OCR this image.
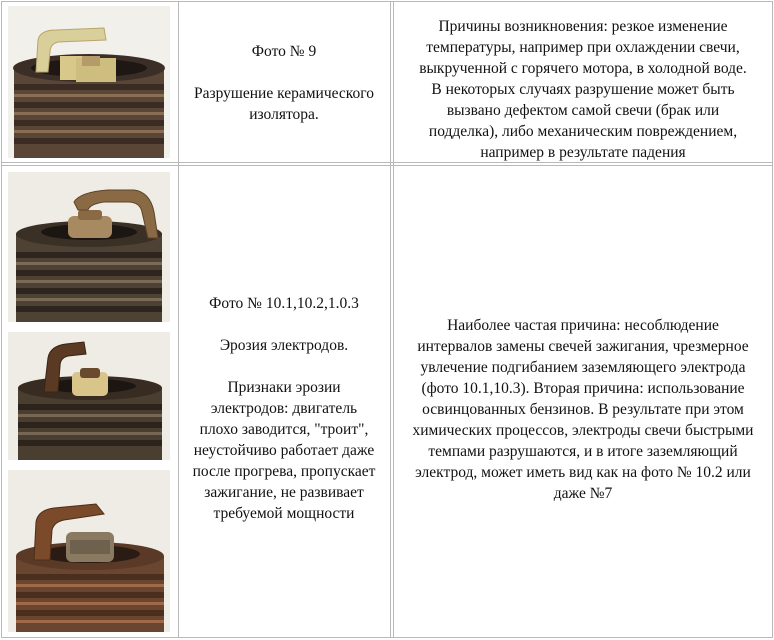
Фото № 9

Разрушение керамического
изолятора.
Причины возникновения: резкое изменение
температуры, например при охлаждении свечи,
выкрученной с горячего мотора, в холодной воде.
В некоторых случаях разрушение может быть
вызвано дефектом самой свечи (брак или
подделка), либо механическим повреждением,
например в результате падения
Фото № 10.1,10.2,1.0.3

Эрозия электродов.

Признаки эрозии
электродов: двигатель
плохо заводится, "троит",
неустойчиво работает даже
после прогрева, пропускает
зажигание, не развивает
требуемой мощности
Наиболее частая причина: несоблюдение
интервалов замены свечей зажигания, чрезмерное
увлечение подгибанием заземляющего электрода
(фото 10.1,10.3). Вторая причина: использование
освинцованных бензинов. В результате при этом
химических процессов, электроды свечи быстрыми
темпами разрушаются, и в итоге заземляющий
электрод, может иметь вид как на фото № 10.2 или
даже №7
